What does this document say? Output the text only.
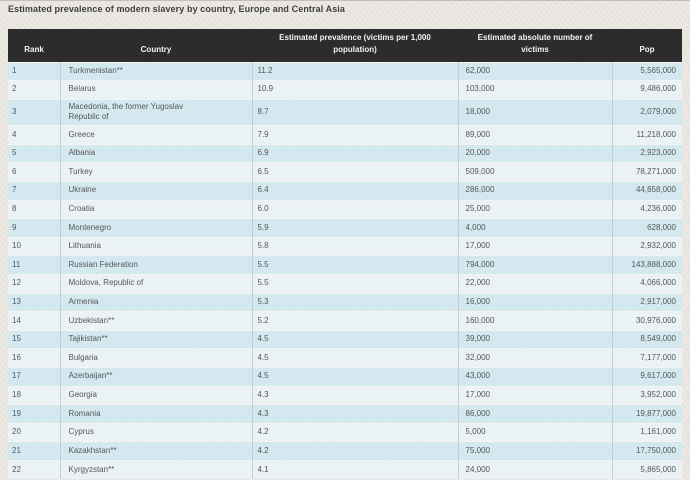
Estimated prevalence of modern slavery by country, Europe and Central Asia
Rank	Country	Estimated prevalence (victims per 1,000 population)	Estimated absolute number of victims	Pop
1	Turkmenistan**	11.2	62,000	5,565,000
2	Belarus	10.9	103,000	9,486,000
3	Macedonia, the former Yugoslav Republic of	8.7	18,000	2,079,000
4	Greece	7.9	89,000	11,218,000
5	Albania	6.9	20,000	2,923,000
6	Turkey	6.5	509,000	78,271,000
7	Ukraine	6.4	286,000	44,658,000
8	Croatia	6.0	25,000	4,236,000
9	Montenegro	5.9	4,000	628,000
10	Lithuania	5.8	17,000	2,932,000
11	Russian Federation	5.5	794,000	143,888,000
12	Moldova, Republic of	5.5	22,000	4,066,000
13	Armenia	5.3	16,000	2,917,000
14	Uzbekistan**	5.2	160,000	30,976,000
15	Tajikistan**	4.5	39,000	8,549,000
16	Bulgaria	4.5	32,000	7,177,000
17	Azerbaijan**	4.5	43,000	9,617,000
18	Georgia	4.3	17,000	3,952,000
19	Romania	4.3	86,000	19,877,000
20	Cyprus	4.2	5,000	1,161,000
21	Kazakhstan**	4.2	75,000	17,750,000
22	Kyrgyzstan**	4.1	24,000	5,865,000
